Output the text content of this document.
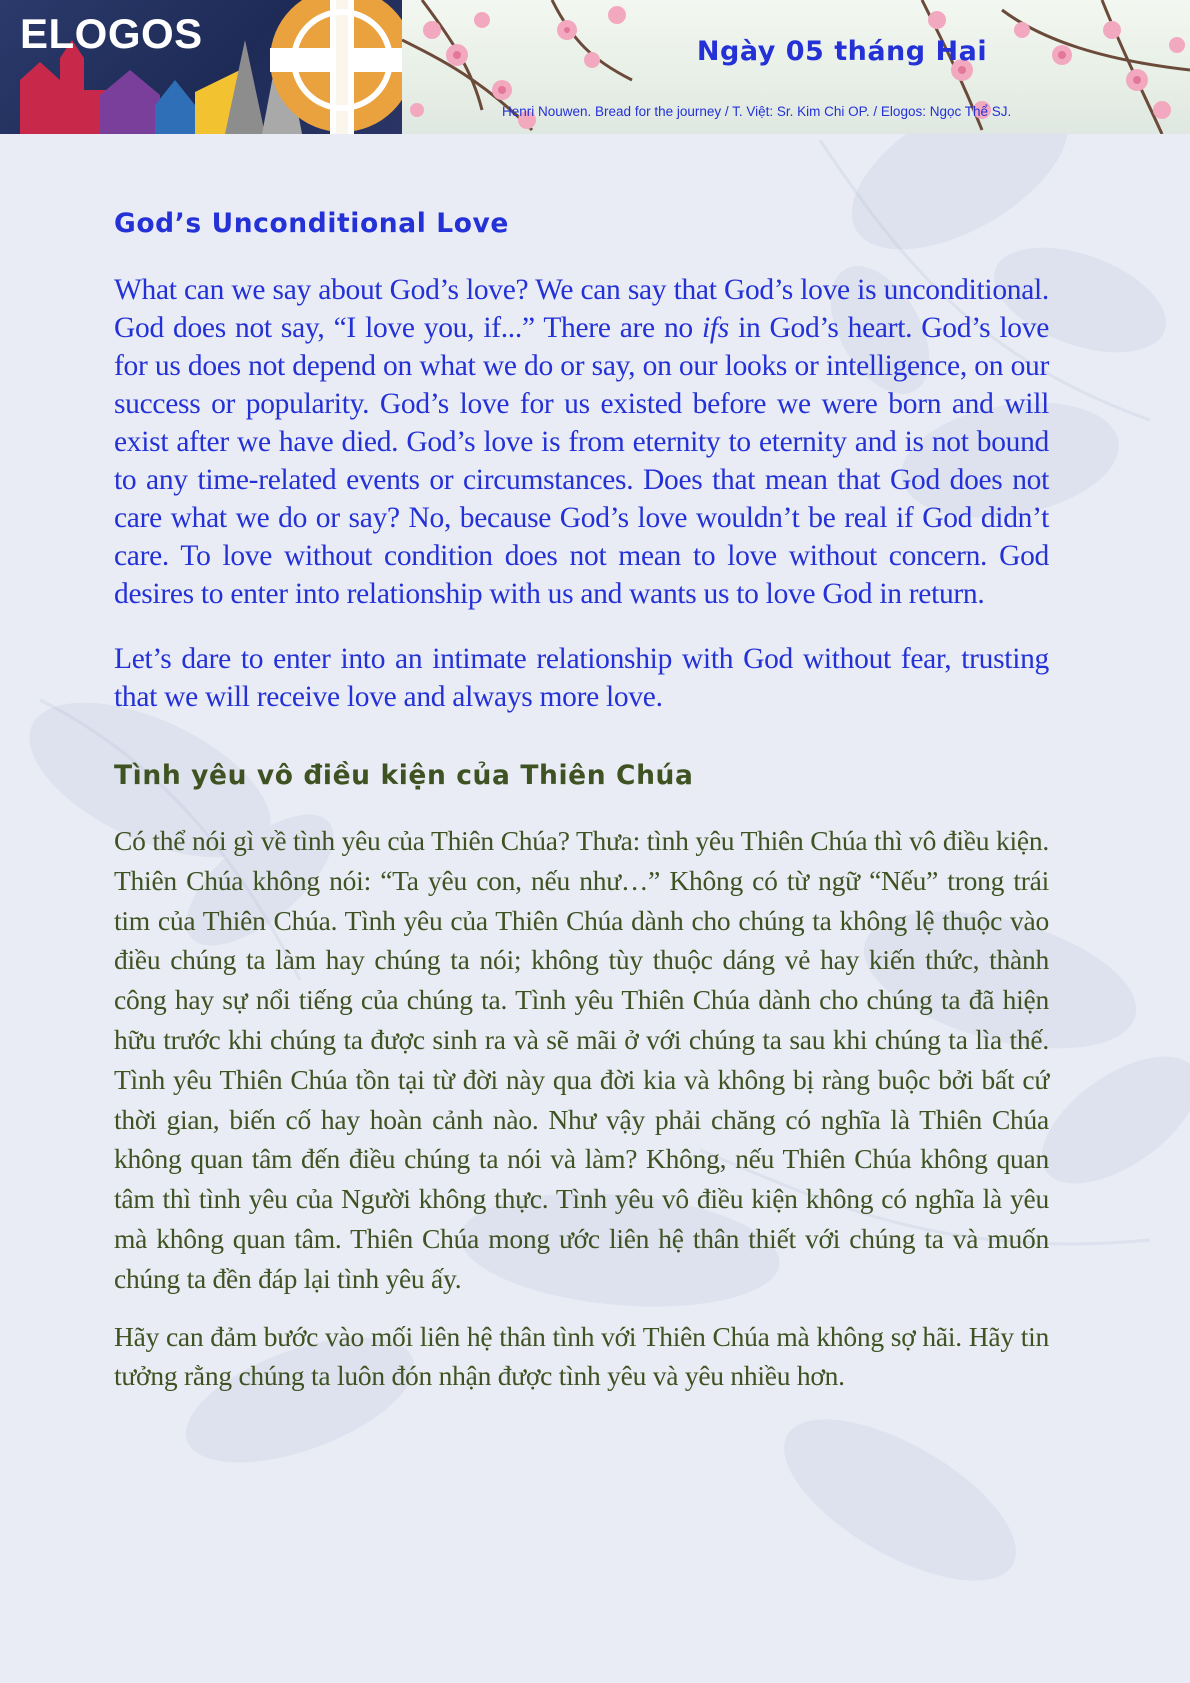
ELOGOS	Ngày 05 tháng Hai
Henri Nouwen. Bread for the journey / T. Việt: Sr. Kim Chi OP. / Elogos: Ngọc Thể SJ.
God’s Unconditional Love

What can we say about God’s love? We can say that God’s love is unconditional. God does not say, “I love you, if...” There are no ifs in God’s heart. God’s love for us does not depend on what we do or say, on our looks or intelligence, on our success or popularity. God’s love for us existed before we were born and will exist after we have died. God’s love is from eternity to eternity and is not bound to any time-related events or circumstances. Does that mean that God does not care what we do or say? No, because God’s love wouldn’t be real if God didn’t care. To love without condition does not mean to love without concern. God desires to enter into relationship with us and wants us to love God in return.

Let’s dare to enter into an intimate relationship with God without fear, trusting that we will receive love and always more love.

Tình yêu vô điều kiện của Thiên Chúa

Có thể nói gì về tình yêu của Thiên Chúa? Thưa: tình yêu Thiên Chúa thì vô điều kiện. Thiên Chúa không nói: “Ta yêu con, nếu như…” Không có từ ngữ “Nếu” trong trái tim của Thiên Chúa. Tình yêu của Thiên Chúa dành cho chúng ta không lệ thuộc vào điều chúng ta làm hay chúng ta nói; không tùy thuộc dáng vẻ hay kiến thức, thành công hay sự nổi tiếng của chúng ta. Tình yêu Thiên Chúa dành cho chúng ta đã hiện hữu trước khi chúng ta được sinh ra và sẽ mãi ở với chúng ta sau khi chúng ta lìa thế. Tình yêu Thiên Chúa tồn tại từ đời này qua đời kia và không bị ràng buộc bởi bất cứ thời gian, biến cố hay hoàn cảnh nào. Như vậy phải chăng có nghĩa là Thiên Chúa không quan tâm đến điều chúng ta nói và làm? Không, nếu Thiên Chúa không quan tâm thì tình yêu của Người không thực. Tình yêu vô điều kiện không có nghĩa là yêu mà không quan tâm. Thiên Chúa mong ước liên hệ thân thiết với chúng ta và muốn chúng ta đền đáp lại tình yêu ấy.

Hãy can đảm bước vào mối liên hệ thân tình với Thiên Chúa mà không sợ hãi. Hãy tin tưởng rằng chúng ta luôn đón nhận được tình yêu và yêu nhiều hơn.
